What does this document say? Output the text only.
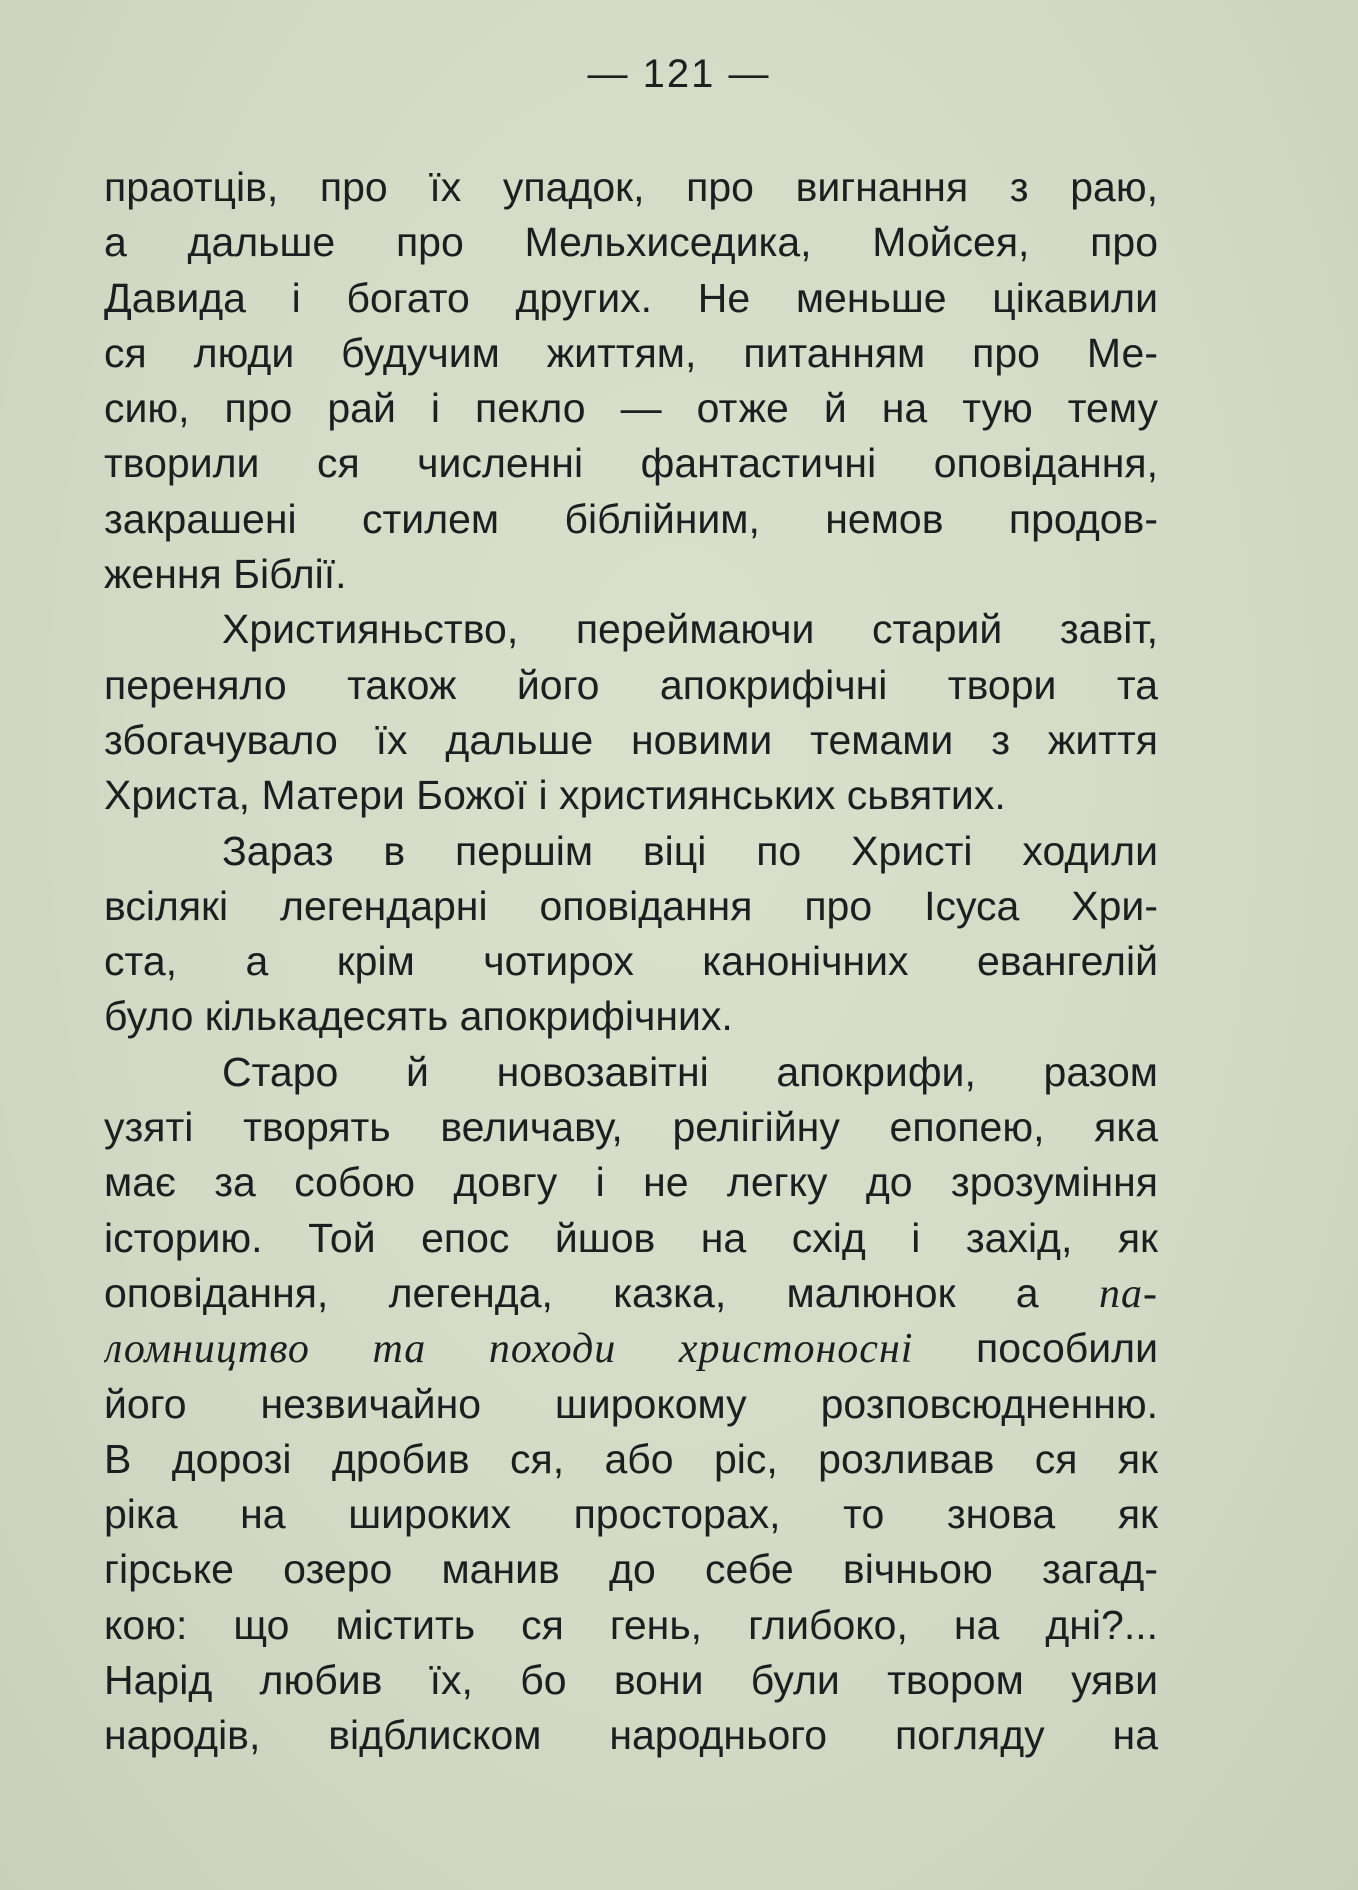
— 121 —
праотців, про їх упадок, про вигнання з раю,
а дальше про Мельхиседика, Мойсея, про
Давида і богато других. Не меньше цікавили
ся люди будучим життям, питанням про Ме-
сию, про рай і пекло — отже й на тую тему
творили ся численні фантастичні оповідання,
закрашені стилем біблійним, немов продов-
ження Біблії.
Християньство, переймаючи старий завіт,
переняло також його апокрифічні твори та
збогачувало їх дальше новими темами з життя
Христа, Матери Божої і християнських сьвятих.
Зараз в першім віці по Христі ходили
всілякі легендарні оповідання про Ісуса Хри-
ста, а крім чотирох канонічних евангелій
було кількадесять апокрифічних.
Старо й новозавітні апокрифи, разом
узяті творять величаву, релігійну епопею, яка
має за собою довгу і не легку до зрозуміння
історию. Той епос йшов на схід і захід, як
оповідання, легенда, казка, малюнок а па-
ломництво та походи христоносні пособили
його незвичайно широкому розповсюдненню.
В дорозі дробив ся, або ріс, розливав ся як
ріка на широких просторах, то знова як
гірське озеро манив до себе вічньою загад-
кою: що містить ся гень, глибоко, на дні?...
Нарід любив їх, бо вони були твором уяви
народів, відблиском народнього погляду на
